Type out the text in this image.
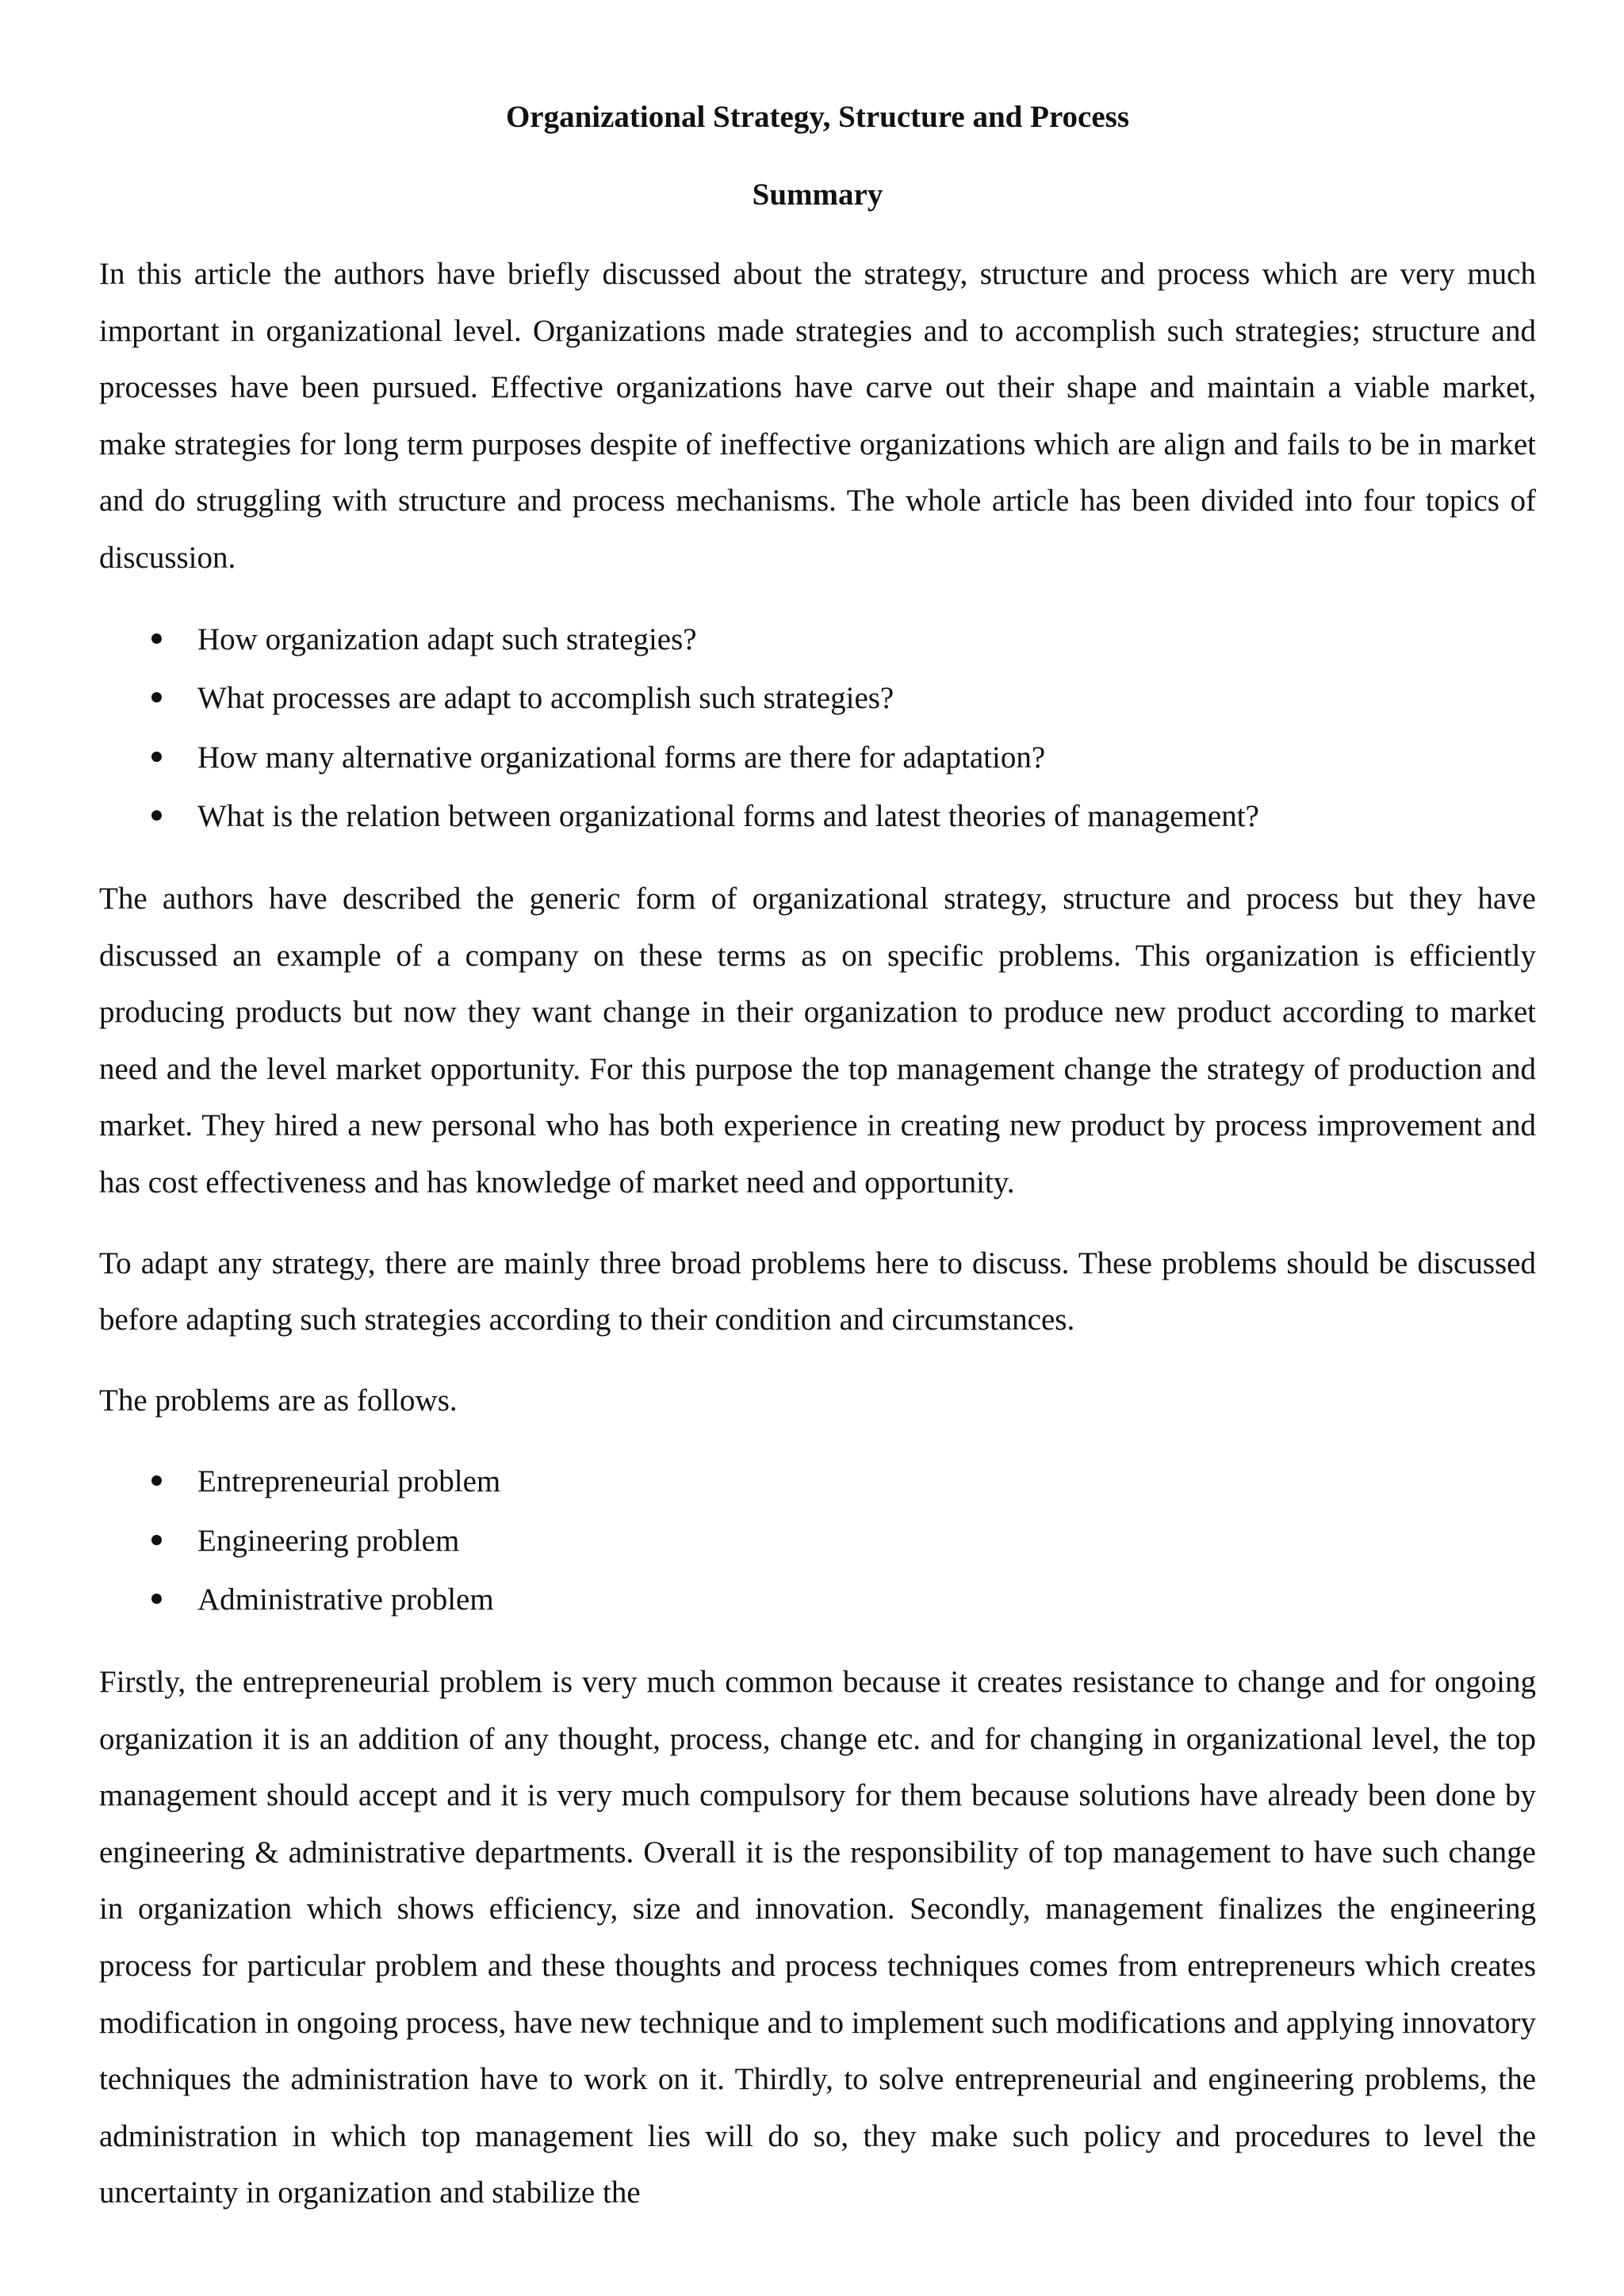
Organizational Strategy, Structure and Process
Summary

In this article the authors have briefly discussed about the strategy, structure and process which are very much important in organizational level. Organizations made strategies and to accomplish such strategies; structure and processes have been pursued. Effective organizations have carve out their shape and maintain a viable market, make strategies for long term purposes despite of ineffective organizations which are align and fails to be in market and do struggling with structure and process mechanisms. The whole article has been divided into four topics of discussion.

How organization adapt such strategies?
What processes are adapt to accomplish such strategies?
How many alternative organizational forms are there for adaptation?
What is the relation between organizational forms and latest theories of management?

The authors have described the generic form of organizational strategy, structure and process but they have discussed an example of a company on these terms as on specific problems. This organization is efficiently producing products but now they want change in their organization to produce new product according to market need and the level market opportunity. For this purpose the top management change the strategy of production and market. They hired a new personal who has both experience in creating new product by process improvement and has cost effectiveness and has knowledge of market need and opportunity.

To adapt any strategy, there are mainly three broad problems here to discuss. These problems should be discussed before adapting such strategies according to their condition and circumstances.

The problems are as follows.

Entrepreneurial problem
Engineering problem
Administrative problem

Firstly, the entrepreneurial problem is very much common because it creates resistance to change and for ongoing organization it is an addition of any thought, process, change etc. and for changing in organizational level, the top management should accept and it is very much compulsory for them because solutions have already been done by engineering & administrative departments. Overall it is the responsibility of top management to have such change in organization which shows efficiency, size and innovation. Secondly, management finalizes the engineering process for particular problem and these thoughts and process techniques comes from entrepreneurs which creates modification in ongoing process, have new technique and to implement such modifications and applying innovatory techniques the administration have to work on it. Thirdly, to solve entrepreneurial and engineering problems, the administration in which top management lies will do so, they make such policy and procedures to level the uncertainty in organization and stabilize the
